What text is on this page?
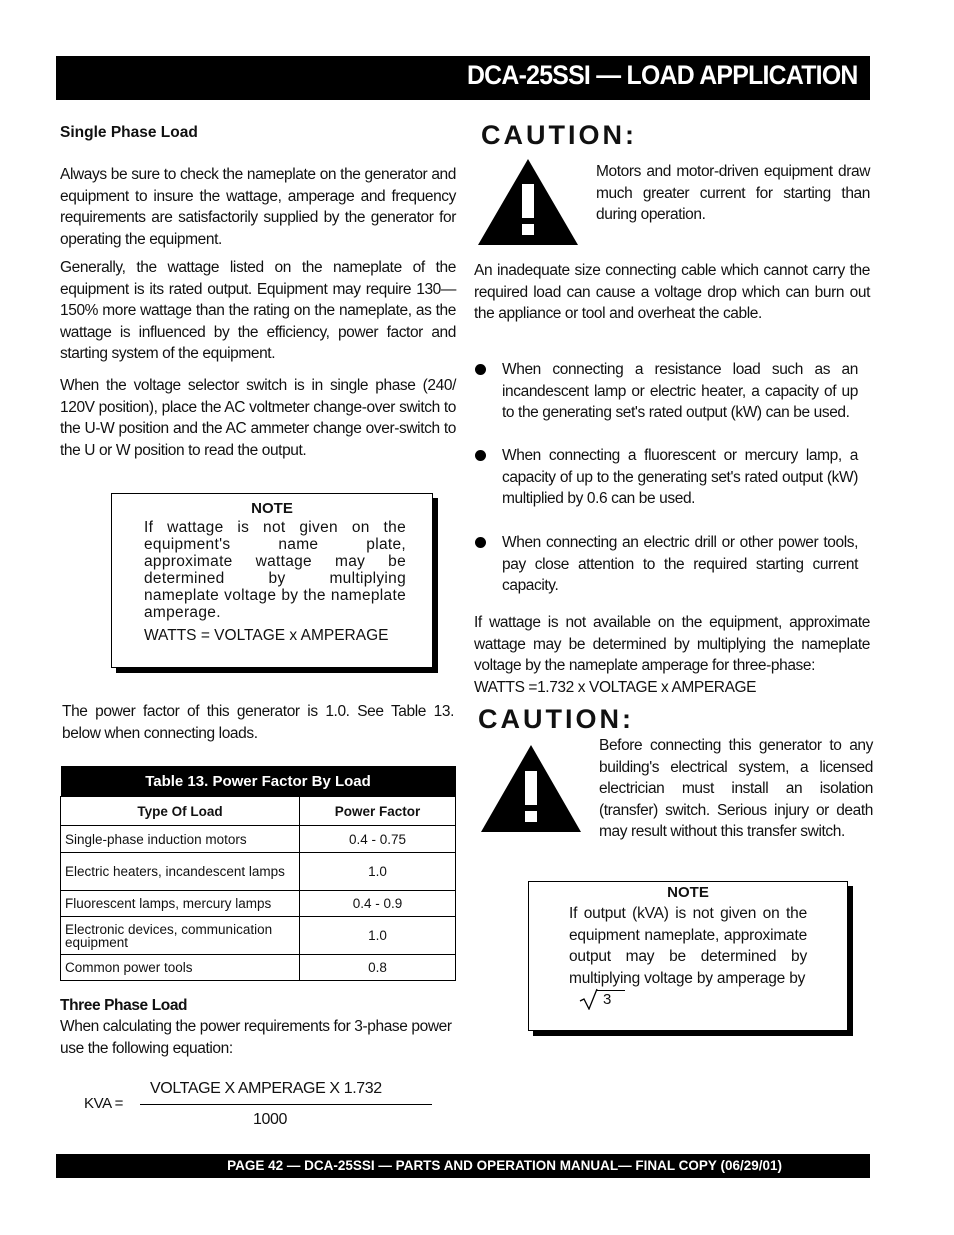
DCA-25SSI — LOAD APPLICATION
Single Phase Load
Always be sure to check the nameplate on the generator and equipment to insure the wattage, amperage and frequency requirements are satisfactorily supplied by the generator for operating the equipment.
Generally, the wattage listed on the nameplate of the equipment is its rated output. Equipment may require 130—150% more wattage than the rating on the nameplate, as the wattage is influenced by the efficiency, power factor and starting system of the equipment.
When the voltage selector switch is in single phase (240/ 120V position), place the AC voltmeter change-over switch to the U-W position and the AC ammeter change over-switch to the U or W position to read the output.
NOTE
If wattage is not given on the equipment's name plate, approximate wattage may be determined by multiplying nameplate voltage by the nameplate amperage.
WATTS = VOLTAGE x AMPERAGE
The power factor of this generator is 1.0. See Table 13. below when connecting loads.
Table 13. Power Factor By Load	
Type Of Load	Power Factor
Single-phase induction motors	0.4 - 0.75
Electric heaters, incandescent lamps	1.0
Fluorescent lamps, mercury lamps	0.4 - 0.9
Electronic devices, communication equipment	1.0
Common power tools	0.8
Three Phase Load
When calculating the power requirements for 3-phase power use the following equation:
KVA =
VOLTAGE X AMPERAGE X 1.732
1000
CAUTION:
Motors and motor-driven equipment draw much greater current for starting than during operation.
An inadequate size connecting cable which cannot carry the required load can cause a voltage drop which can burn out the appliance or tool and overheat the cable.
When connecting a resistance load such as an incandescent lamp or electric heater, a capacity of up to the generating set's rated output (kW) can be used.
When connecting a fluorescent or mercury lamp, a capacity of up to the generating set's rated output (kW) multiplied by 0.6 can be used.
When connecting an electric drill or other power tools, pay close attention to the required starting current capacity.
If wattage is not available on the equipment, approximate wattage may be determined by multiplying the nameplate voltage by the nameplate amperage for three-phase:
WATTS =1.732 x VOLTAGE x AMPERAGE
CAUTION:
Before connecting this generator to any building's electrical system, a licensed electrician must install an isolation (transfer) switch. Serious injury or death may result without this transfer switch.
NOTE
If output (kVA) is not given on the equipment nameplate, approximate output may be determined by multiplying voltage by amperage by
3
PAGE 42 — DCA-25SSI — PARTS AND OPERATION MANUAL— FINAL COPY (06/29/01)
